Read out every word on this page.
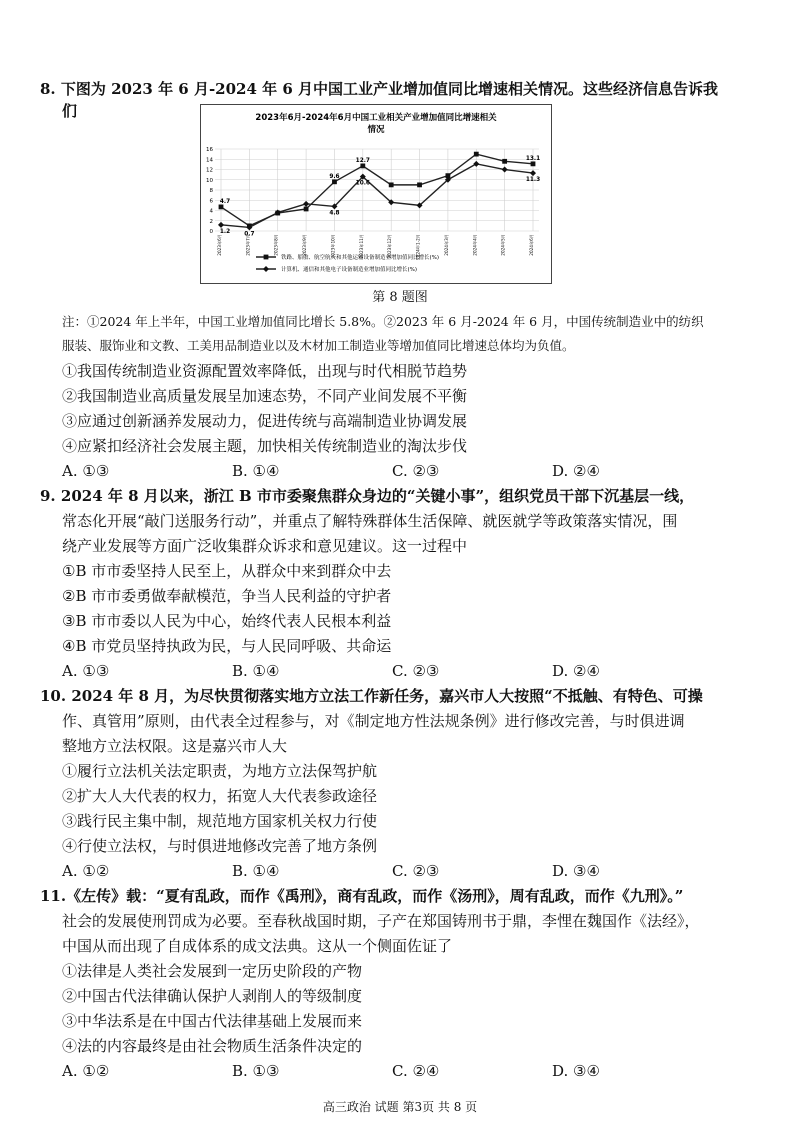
8. 下图为 2023 年 6 月-2024 年 6 月中国工业产业增加值同比增速相关情况。这些经济信息告诉我
们	2023年6月-2024年6月中国工业相关产业增加值同比增速相关
情况
0
2
4
6
8
10
12
14
16
2023年6月	2023年7月	2023年8月	2023年9月	2023年10月	2023年11月	2023年12月	2024年1-2月	2024年3月	2024年4月	2024年5月	2024年6月
4.7
9.6
12.7	13.1
1.2 0.7
4.8
10.6
11.3
铁路、船舶、航空航天和其他运输设备制造业增加值同比增长(%)
计算机、通信和其他电子设备制造业增加值同比增长(%)
第 8 题图
注：①2024 年上半年，中国工业增加值同比增长 5.8%。②2023 年 6 月-2024 年 6 月，中国传统制造业中的纺织
服装、服饰业和文教、工美用品制造业以及木材加工制造业等增加值同比增速总体均为负值。
①我国传统制造业资源配置效率降低，出现与时代相脱节趋势
②我国制造业高质量发展呈加速态势，不同产业间发展不平衡
③应通过创新涵养发展动力，促进传统与高端制造业协调发展
④应紧扣经济社会发展主题，加快相关传统制造业的淘汰步伐
A. ①③	B. ①④	C. ②③	D. ②④
9. 2024 年 8 月以来，浙江 B 市市委聚焦群众身边的“关键小事”，组织党员干部下沉基层一线，
常态化开展“敲门送服务行动”，并重点了解特殊群体生活保障、就医就学等政策落实情况，围
绕产业发展等方面广泛收集群众诉求和意见建议。这一过程中
①B 市市委坚持人民至上，从群众中来到群众中去
②B 市市委勇做奉献模范，争当人民利益的守护者
③B 市市委以人民为中心，始终代表人民根本利益
④B 市党员坚持执政为民，与人民同呼吸、共命运
A. ①③	B. ①④	C. ②③	D. ②④
10. 2024 年 8 月，为尽快贯彻落实地方立法工作新任务，嘉兴市人大按照“不抵触、有特色、可操
作、真管用”原则，由代表全过程参与，对《制定地方性法规条例》进行修改完善，与时俱进调
整地方立法权限。这是嘉兴市人大
①履行立法机关法定职责，为地方立法保驾护航
②扩大人大代表的权力，拓宽人大代表参政途径
③践行民主集中制，规范地方国家机关权力行使
④行使立法权，与时俱进地修改完善了地方条例
A. ①②	B. ①④	C. ②③	D. ③④
11.《左传》载：“夏有乱政，而作《禹刑》，商有乱政，而作《汤刑》，周有乱政，而作《九刑》。”
社会的发展使刑罚成为必要。至春秋战国时期，子产在郑国铸刑书于鼎，李悝在魏国作《法经》，
中国从而出现了自成体系的成文法典。这从一个侧面佐证了
①法律是人类社会发展到一定历史阶段的产物
②中国古代法律确认保护人剥削人的等级制度
③中华法系是在中国古代法律基础上发展而来
④法的内容最终是由社会物质生活条件决定的
A. ①②	B. ①③	C. ②④	D. ③④
高三政治 试题 第3页 共 8 页
